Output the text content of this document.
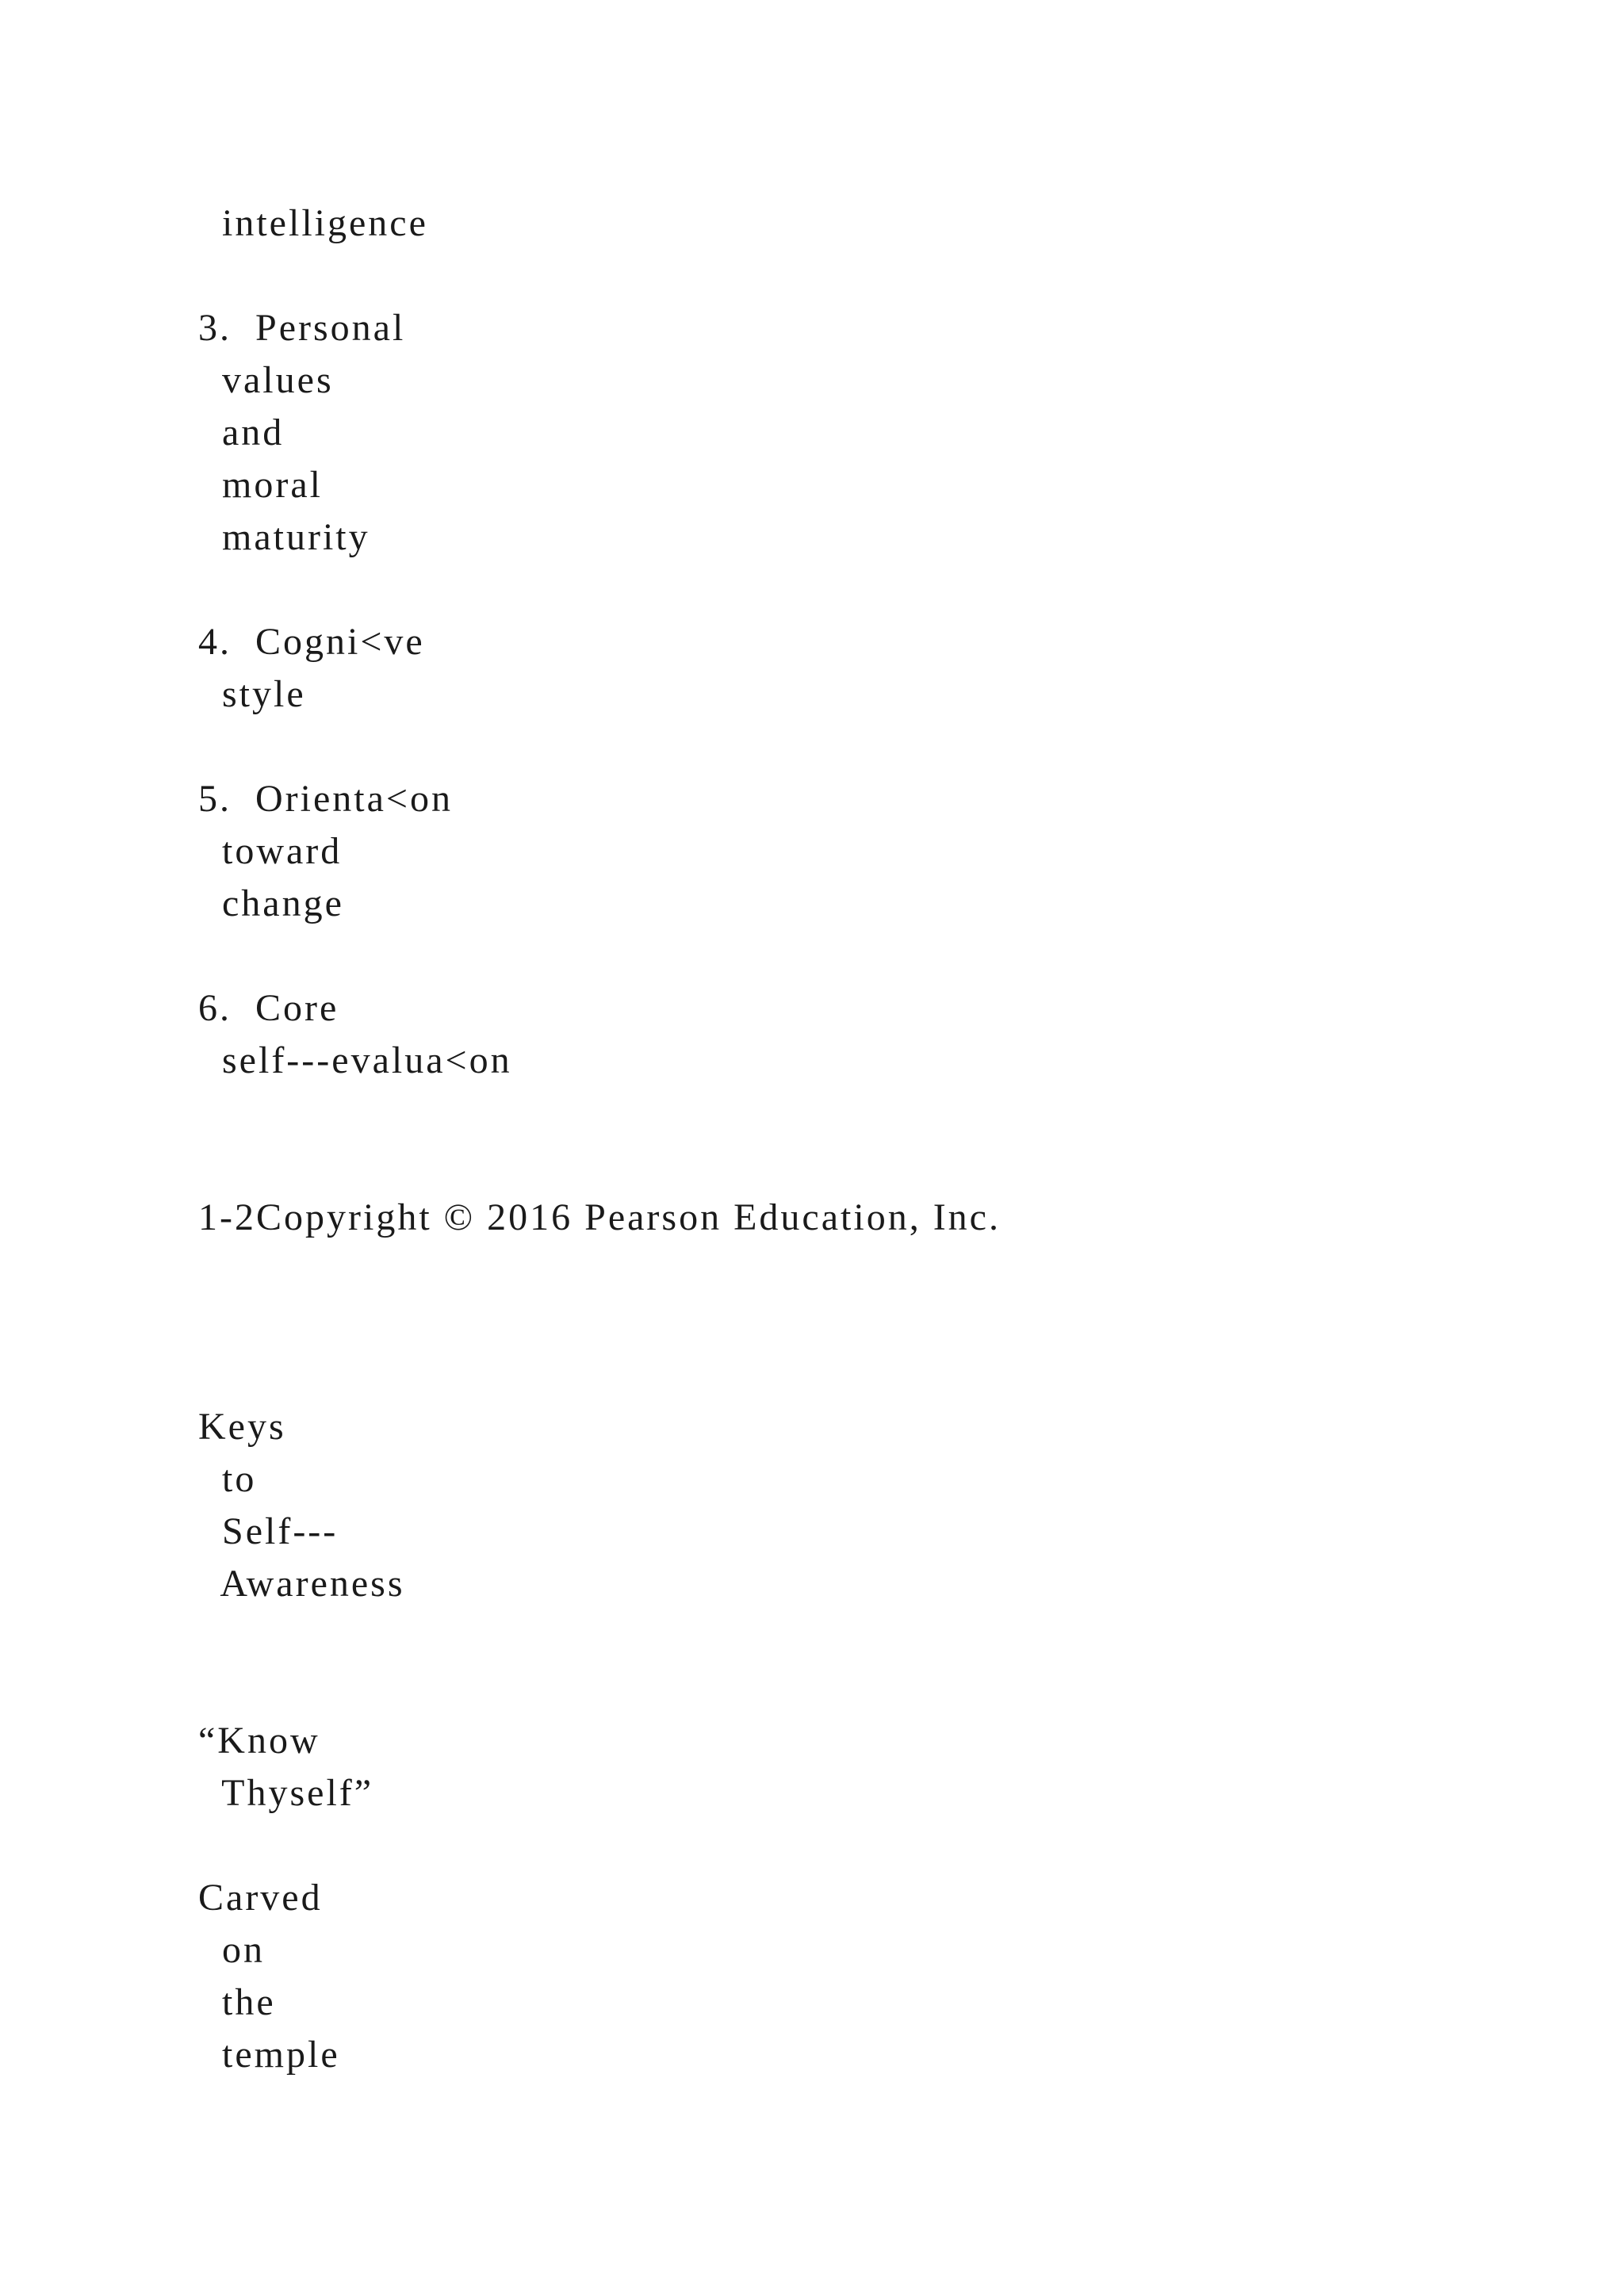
intelligence

3.  Personal

values

and

moral

maturity

4.  Cogni<ve

style

5.  Orienta<on

toward

change

6.  Core

self---evalua<on

1-2Copyright © 2016 Pearson Education, Inc.

Keys

to

Self---

Awareness

“Know

Thyself”

Carved

on

the

temple
